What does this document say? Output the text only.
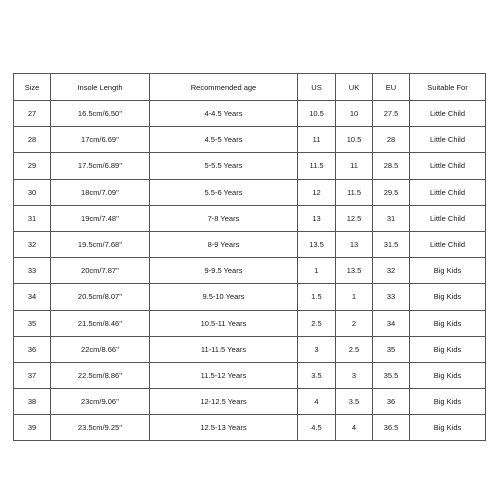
Size	Insole Length	Recommended age	US	UK	EU	Suitable For
27	16.5cm/6.50''	4-4.5 Years	10.5	10	27.5	Little Child
28	17cm/6.69''	4.5-5 Years	11	10.5	28	Little Child
29	17.5cm/6.89''	5-5.5 Years	11.5	11	28.5	Little Child
30	18cm/7.09''	5.5-6 Years	12	11.5	29.5	Little Child
31	19cm/7.48''	7-8 Years	13	12.5	31	Little Child
32	19.5cm/7.68''	8-9 Years	13.5	13	31.5	Little Child
33	20cm/7.87''	9-9.5 Years	1	13.5	32	Big Kids
34	20.5cm/8.07''	9.5-10 Years	1.5	1	33	Big Kids
35	21.5cm/8.46''	10.5-11 Years	2.5	2	34	Big Kids
36	22cm/8.66''	11-11.5 Years	3	2.5	35	Big Kids
37	22.5cm/8.86''	11.5-12 Years	3.5	3	35.5	Big Kids
38	23cm/9.06''	12-12.5 Years	4	3.5	36	Big Kids
39	23.5cm/9.25''	12.5-13 Years	4.5	4	36.5	Big Kids
